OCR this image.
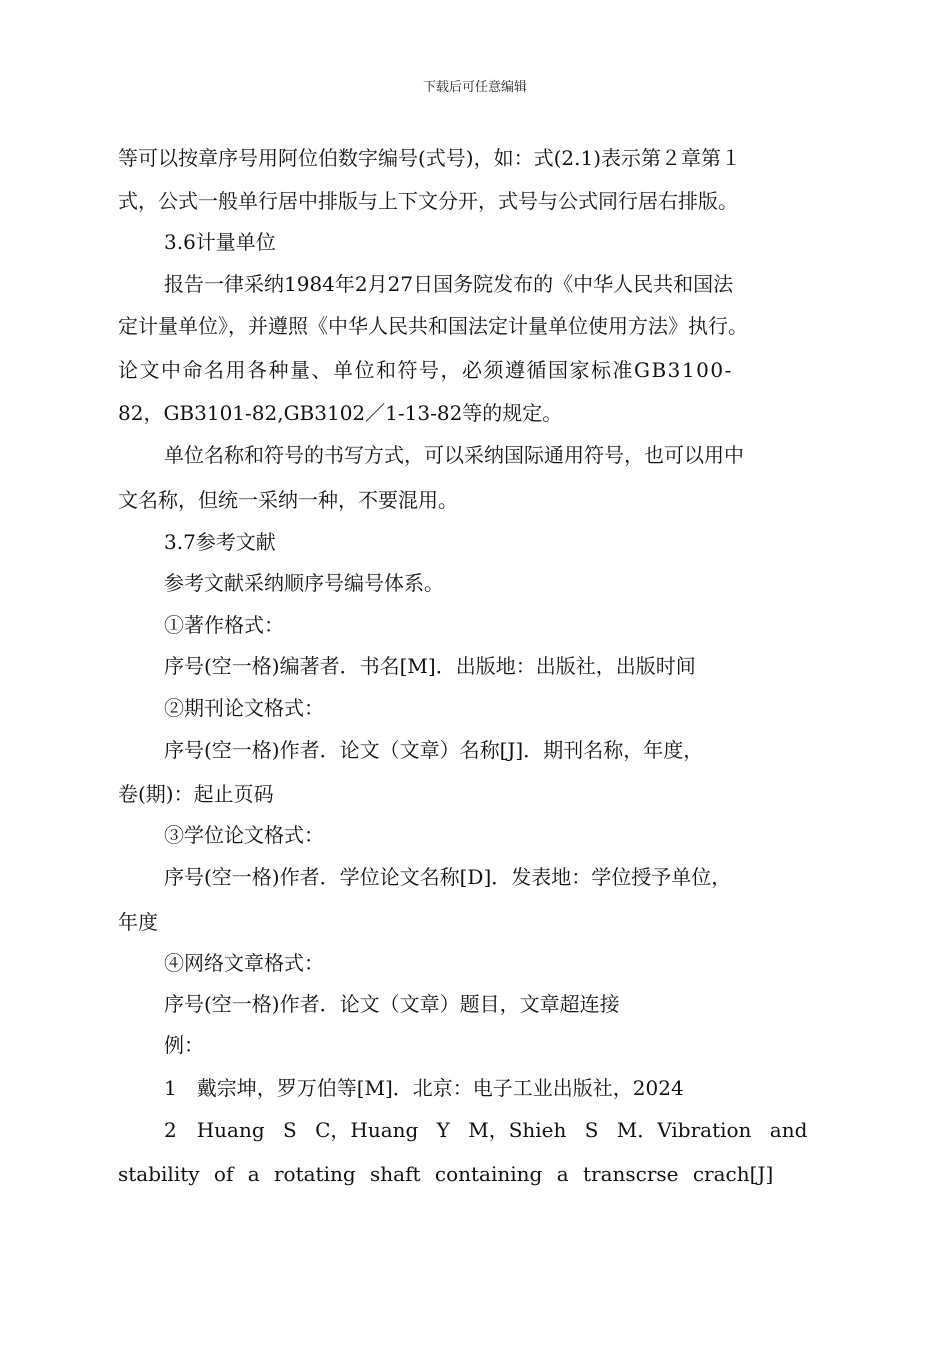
下载后可任意编辑
等可以按章序号用阿位伯数字编号(式号)，如：式(2.1)表示第２章第１
式，公式一般单行居中排版与上下文分开，式号与公式同行居右排版。
3.6计量单位
报告一律采纳1984年2月27日国务院发布的《中华人民共和国法
定计量单位》，并遵照《中华人民共和国法定计量单位使用方法》执行。
论文中命名用各种量、单位和符号，必须遵循国家标准GB3100-
82，GB3101-82,GB3102／1-13-82等的规定。
单位名称和符号的书写方式，可以采纳国际通用符号，也可以用中
文名称，但统一采纳一种，不要混用。
3.7参考文献
参考文献采纳顺序号编号体系。
①著作格式：
序号(空一格)编著者．书名[M]．出版地：出版社，出版时间
②期刊论文格式：
序号(空一格)作者．论文（文章）名称[J]．期刊名称，年度，
卷(期)：起止页码
③学位论文格式：
序号(空一格)作者．学位论文名称[D]．发表地：学位授予单位，
年度
④网络文章格式：
序号(空一格)作者．论文（文章）题目，文章超连接
例：
1　戴宗坤，罗万伯等[M]．北京：电子工业出版社，2024
2　Huang S C，Huang Y M，Shieh S M．Vibration and
stability of a rotating shaft containing a transcrse crach[J]
